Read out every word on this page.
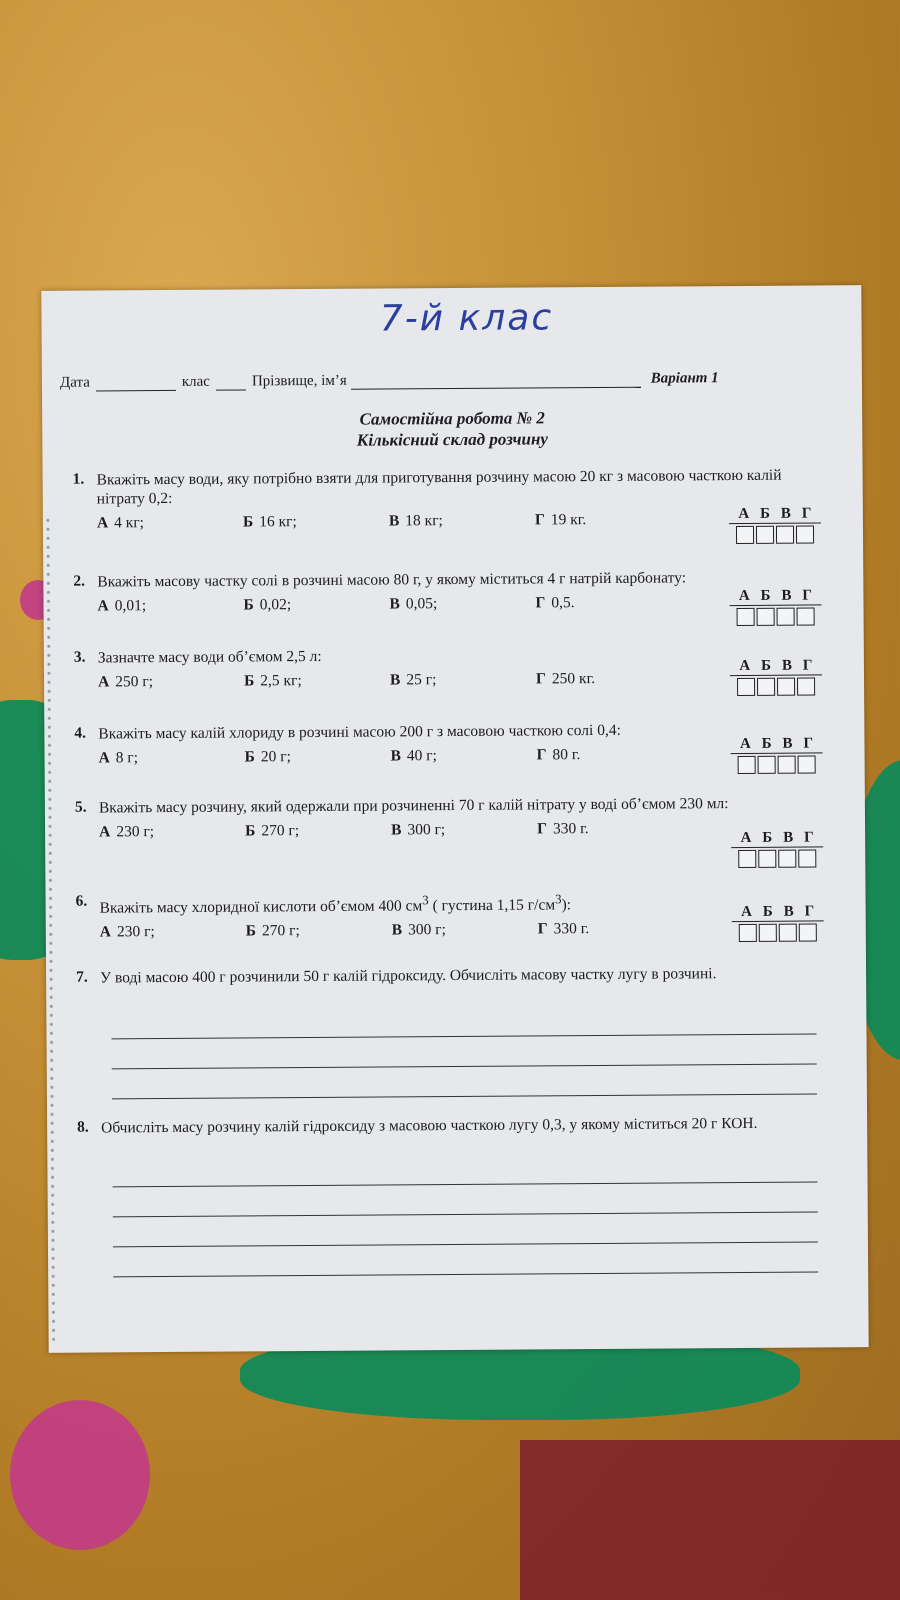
7-й клас
Дата	клас	Прізвище, ім’я	Варіант 1
Самостійна робота № 2
Кількісний склад розчину
1. Вкажіть масу води, яку потрібно взяти для приготування розчину масою 20 кг з масовою часткою калій нітрату 0,2:
А 4 кг;	Б 16 кг;	В 18 кг;	Г 19 кг.	А Б В Г
2. Вкажіть масову частку солі в розчині масою 80 г, у якому міститься 4 г натрій карбонату:
А 0,01;	Б 0,02;	В 0,05;	Г 0,5.	А Б В Г
3. Зазначте масу води об’ємом 2,5 л:
А 250 г;	Б 2,5 кг;	В 25 г;	Г 250 кг.
А Б В Г
4. Вкажіть масу калій хлориду в розчині масою 200 г з масовою часткою солі 0,4:
А 8 г;	Б 20 г;	В 40 г;	Г 80 г.
А Б В Г
5. Вкажіть масу розчину, який одержали при розчиненні 70 г калій нітрату у воді об’ємом 230 мл:
А 230 г;	Б 270 г;	В 300 г;	Г 330 г.
А Б В Г
6. Вкажіть масу хлоридної кислоти об’ємом 400 $см^3$ ( густина 1,15 $г/см^3$):
А 230 г;	Б 270 г;	В 300 г;	Г 330 г.
А Б В Г
7. У воді масою 400 г розчинили 50 г калій гідроксиду. Обчисліть масову частку лугу в розчині.
8. Обчисліть масу розчину калій гідроксиду з масовою часткою лугу 0,3, у якому міститься 20 г КОН.
